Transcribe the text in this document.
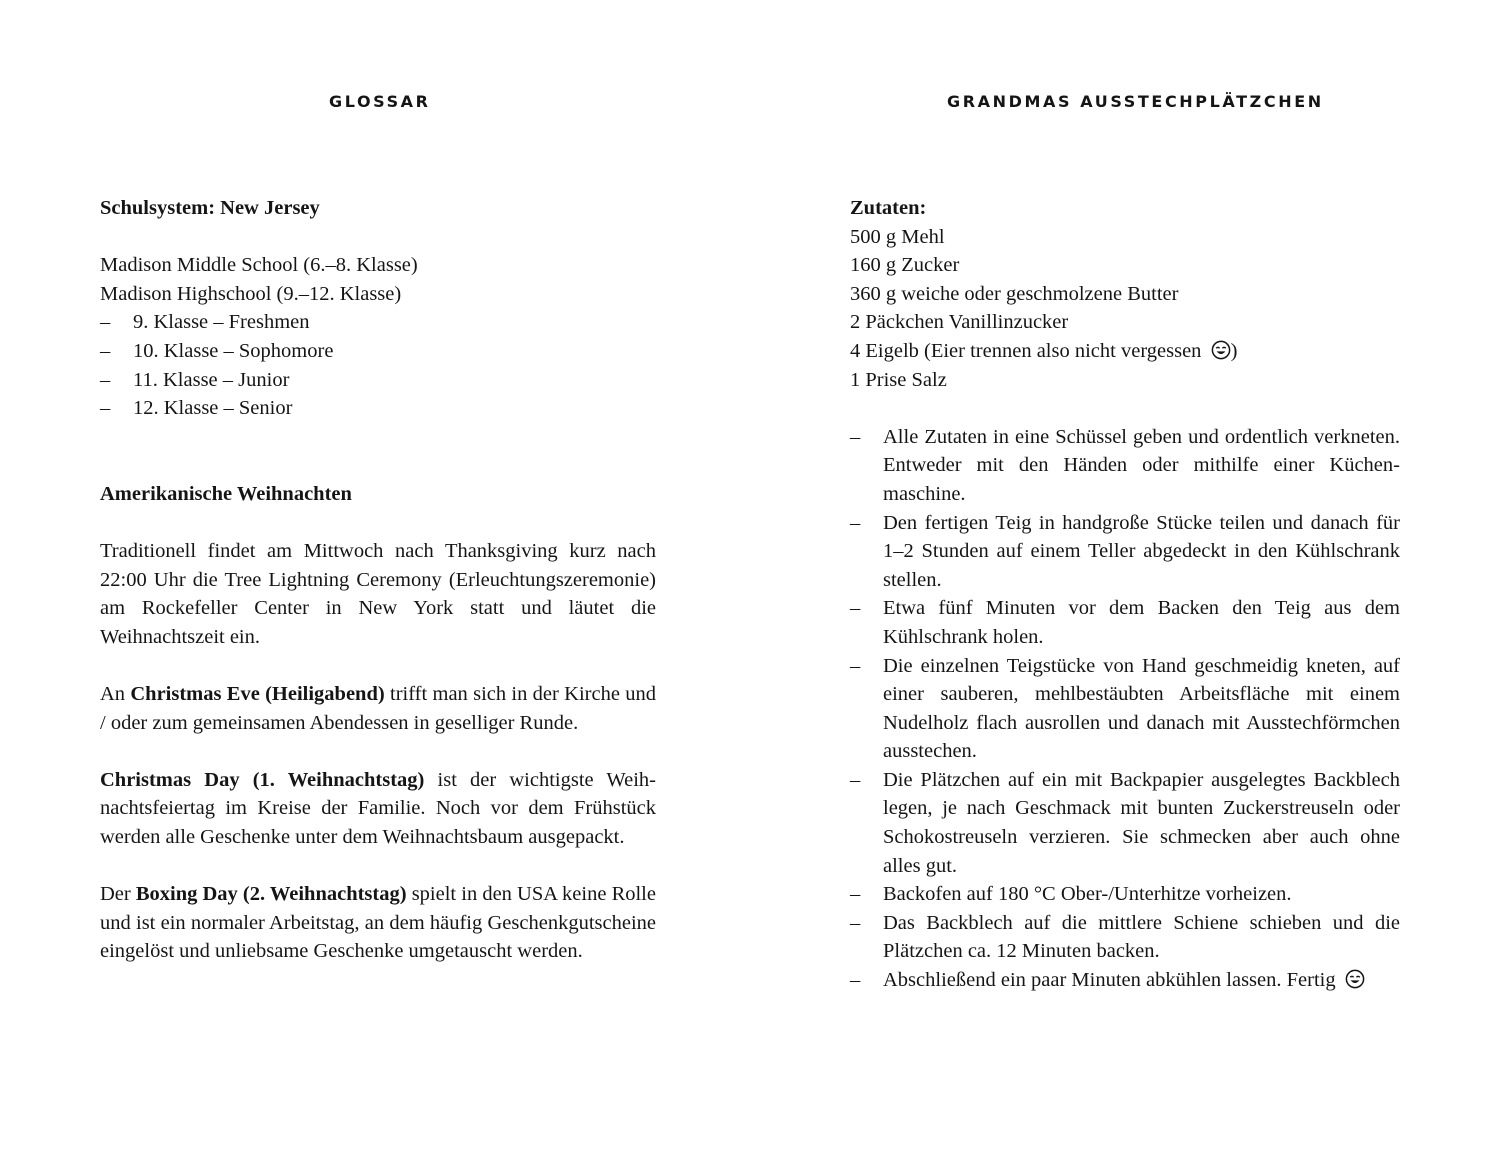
GLOSSAR

Schulsystem: New Jersey

Madison Middle School (6.–8. Klasse)

Madison Highschool (9.–12. Klasse)

– 9. Klasse – Freshmen
– 10. Klasse – Sophomore
– 11. Klasse – Junior
– 12. Klasse – Senior

Amerikanische Weihnachten

Traditionell findet am Mittwoch nach Thanksgiving kurz nach 22:00 Uhr die Tree Lightning Ceremony (Erleuchtungszeremonie) am Rockefeller Center in New York statt und läutet die Weihnachtszeit ein.

An Christmas Eve (Heiligabend) trifft man sich in der Kirche und / oder zum gemeinsamen Abendessen in geselliger Runde.

Christmas Day (1. Weihnachtstag) ist der wichtigste Weihnachtsfeiertag im Kreise der Familie. Noch vor dem Frühstück werden alle Geschenke unter dem Weihnachtsbaum ausgepackt.

Der Boxing Day (2. Weihnachtstag) spielt in den USA keine Rolle und ist ein normaler Arbeitstag, an dem häufig Geschenkgutscheine eingelöst und unliebsame Geschenke umgetauscht werden.

GRANDMAS AUSSTECHPLÄTZCHEN

Zutaten:

500 g Mehl

160 g Zucker

360 g weiche oder geschmolzene Butter

2 Päckchen Vanillinzucker

4 Eigelb (Eier trennen also nicht vergessen
)

1 Prise Salz

– Alle Zutaten in eine Schüssel geben und ordentlich verkneten. Entweder mit den Händen oder mithilfe einer Küchenmaschine.
– Den fertigen Teig in handgroße Stücke teilen und danach für 1–2 Stunden auf einem Teller abgedeckt in den Kühlschrank stellen.
– Etwa fünf Minuten vor dem Backen den Teig aus dem Kühlschrank holen.
– Die einzelnen Teigstücke von Hand geschmeidig kneten, auf einer sauberen, mehlbestäubten Arbeitsfläche mit einem Nudelholz flach ausrollen und danach mit Ausstechförmchen ausstechen.
– Die Plätzchen auf ein mit Backpapier ausgelegtes Backblech legen, je nach Geschmack mit bunten Zuckerstreuseln oder Schokostreuseln verzieren. Sie schmecken aber auch ohne alles gut.
– Backofen auf 180 °C Ober-/Unterhitze vorheizen.
– Das Backblech auf die mittlere Schiene schieben und die Plätzchen ca. 12 Minuten backen.
– Abschließend ein paar Minuten abkühlen lassen. Fertig
